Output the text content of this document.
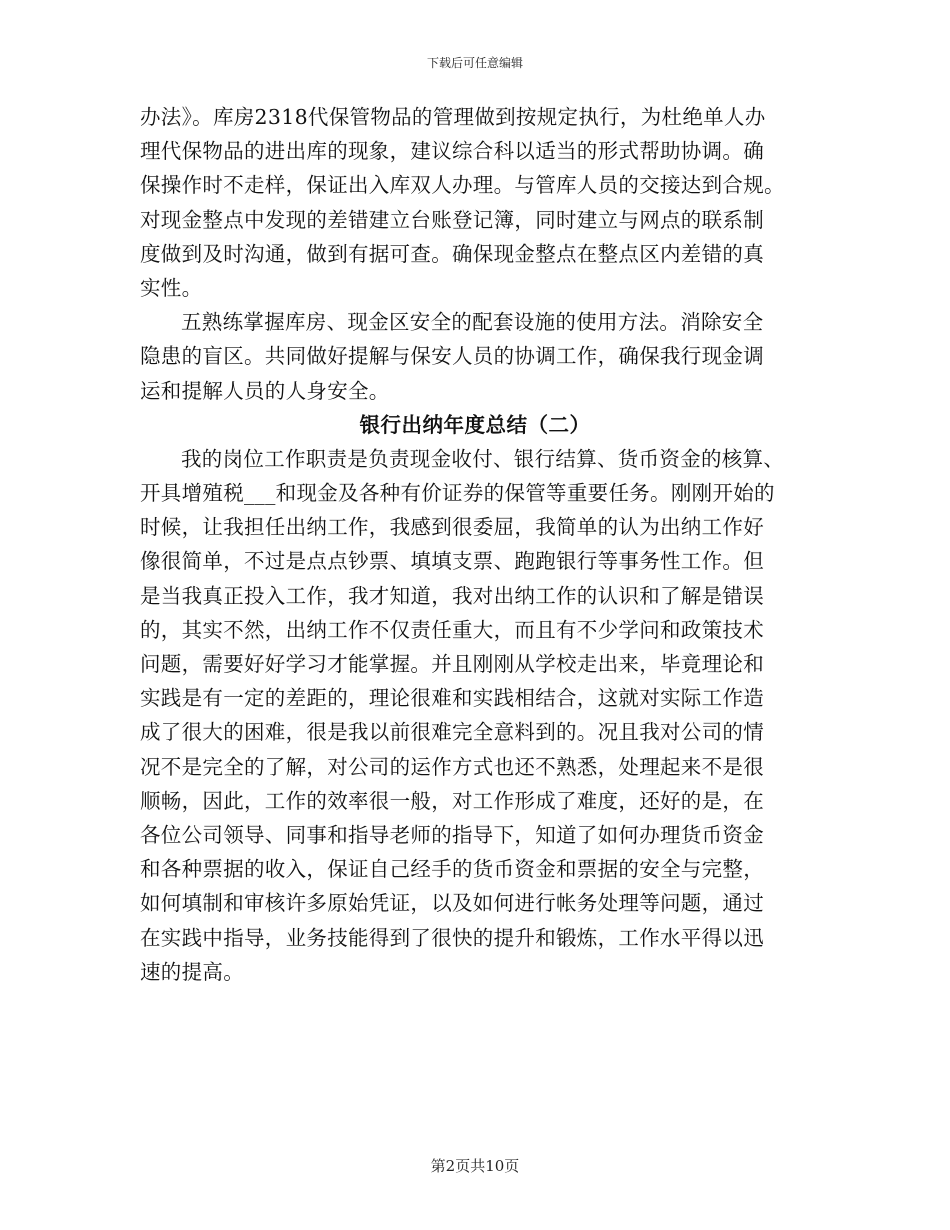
下载后可任意编辑
办法》。库房2318代保管物品的管理做到按规定执行，为杜绝单人办
理代保物品的进出库的现象，建议综合科以适当的形式帮助协调。确
保操作时不走样，保证出入库双人办理。与管库人员的交接达到合规。
对现金整点中发现的差错建立台账登记簿，同时建立与网点的联系制
度做到及时沟通，做到有据可查。确保现金整点在整点区内差错的真
实性。
五熟练掌握库房、现金区安全的配套设施的使用方法。消除安全
隐患的盲区。共同做好提解与保安人员的协调工作，确保我行现金调
运和提解人员的人身安全。
银行出纳年度总结（二）
我的岗位工作职责是负责现金收付、银行结算、货币资金的核算、
开具增殖税___和现金及各种有价证券的保管等重要任务。刚刚开始的
时候，让我担任出纳工作，我感到很委屈，我简单的认为出纳工作好
像很简单，不过是点点钞票、填填支票、跑跑银行等事务性工作。但
是当我真正投入工作，我才知道，我对出纳工作的认识和了解是错误
的，其实不然，出纳工作不仅责任重大，而且有不少学问和政策技术
问题，需要好好学习才能掌握。并且刚刚从学校走出来，毕竟理论和
实践是有一定的差距的，理论很难和实践相结合，这就对实际工作造
成了很大的困难，很是我以前很难完全意料到的。况且我对公司的情
况不是完全的了解，对公司的运作方式也还不熟悉，处理起来不是很
顺畅，因此，工作的效率很一般，对工作形成了难度，还好的是，在
各位公司领导、同事和指导老师的指导下，知道了如何办理货币资金
和各种票据的收入，保证自己经手的货币资金和票据的安全与完整，
如何填制和审核许多原始凭证，以及如何进行帐务处理等问题，通过
在实践中指导，业务技能得到了很快的提升和锻炼，工作水平得以迅
速的提高。
第2页共10页
